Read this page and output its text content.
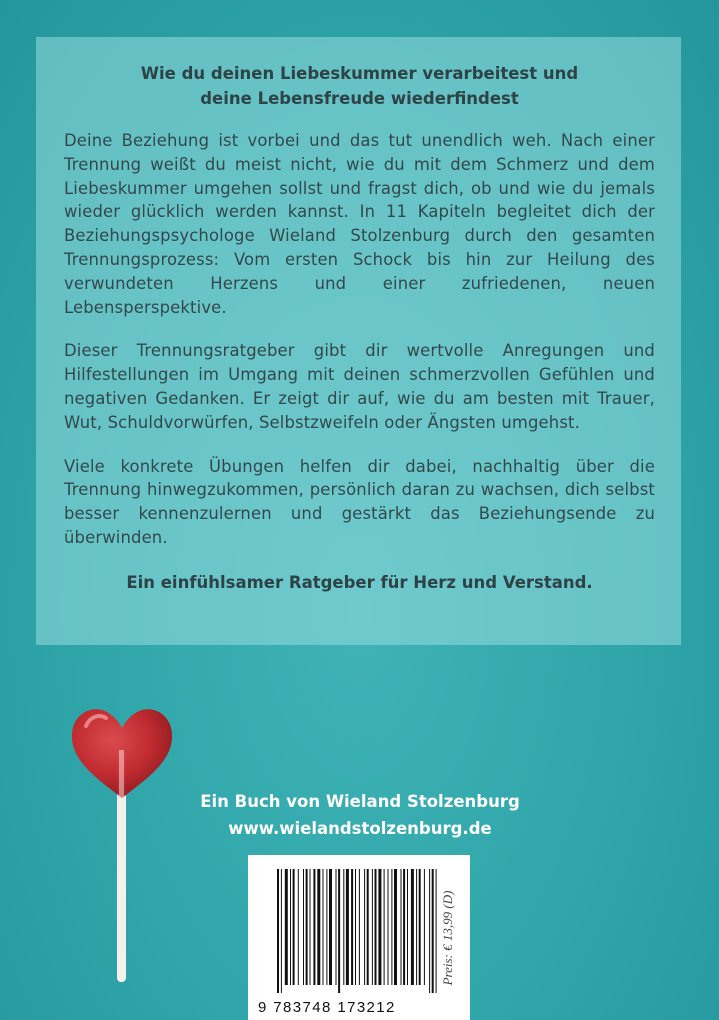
Wie du deinen Liebeskummer verarbeitest und
deine Lebensfreude wiederfindest

Deine Beziehung ist vorbei und das tut unendlich weh. Nach einer Trennung weißt du meist nicht, wie du mit dem Schmerz und dem Liebeskummer umgehen sollst und fragst dich, ob und wie du jemals wieder glücklich werden kannst. In 11 Kapiteln begleitet dich der Beziehungspsychologe Wieland Stolzenburg durch den gesamten Trennungsprozess: Vom ersten Schock bis hin zur Heilung des verwundeten Herzens und einer zufriedenen, neuen Lebensperspektive.

Dieser Trennungsratgeber gibt dir wertvolle Anregungen und Hilfestellungen im Umgang mit deinen schmerzvollen Gefühlen und negativen Gedanken. Er zeigt dir auf, wie du am besten mit Trauer, Wut, Schuldvorwürfen, Selbstzweifeln oder Ängsten umgehst.

Viele konkrete Übungen helfen dir dabei, nachhaltig über die Trennung hinwegzukommen, persönlich daran zu wachsen, dich selbst besser kennenzulernen und gestärkt das Beziehungsende zu überwinden.

Ein einfühlsamer Ratgeber für Herz und Verstand.
Ein Buch von Wieland Stolzenburg
www.wielandstolzenburg.de
9 783748 173212
Preis: € 13,99 (D)
